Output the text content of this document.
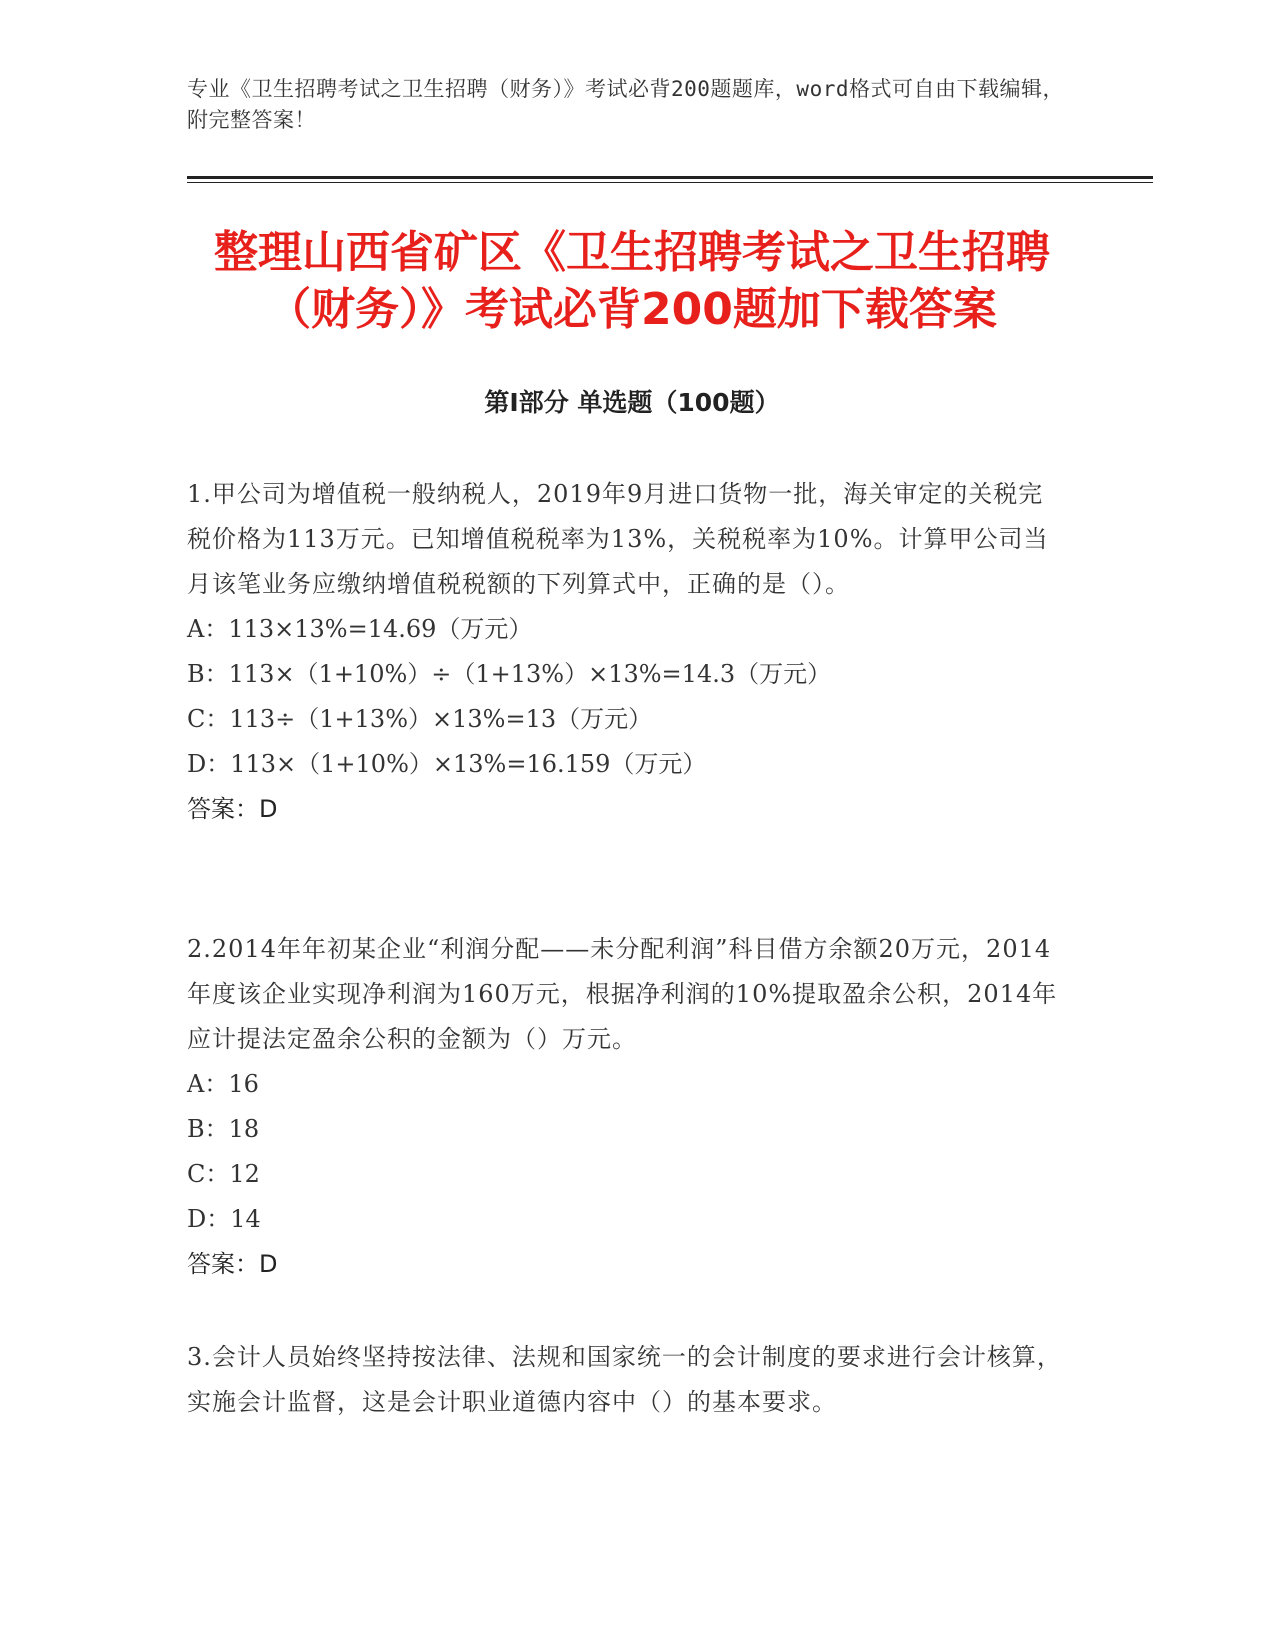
专业《卫生招聘考试之卫生招聘（财务）》考试必背200题题库，word格式可自由下载编辑，附完整答案！
整理山西省矿区《卫生招聘考试之卫生招聘（财务）》考试必背200题加下载答案
第Ⅰ部分 单选题（100题）

1.甲公司为增值税一般纳税人，2019年9月进口货物一批，海关审定的关税完税价格为113万元。已知增值税税率为13%，关税税率为10%。计算甲公司当月该笔业务应缴纳增值税税额的下列算式中，正确的是（）。

A：113×13%=14.69（万元）

B：113×（1+10%）÷（1+13%）×13%=14.3（万元）

C：113÷（1+13%）×13%=13（万元）

D：113×（1+10%）×13%=16.159（万元）

答案：D

2.2014年年初某企业“利润分配——未分配利润”科目借方余额20万元，2014年度该企业实现净利润为160万元，根据净利润的10%提取盈余公积，2014年应计提法定盈余公积的金额为（）万元。

A：16

B：18

C：12

D：14

答案：D

3.会计人员始终坚持按法律、法规和国家统一的会计制度的要求进行会计核算，实施会计监督，这是会计职业道德内容中（）的基本要求。
